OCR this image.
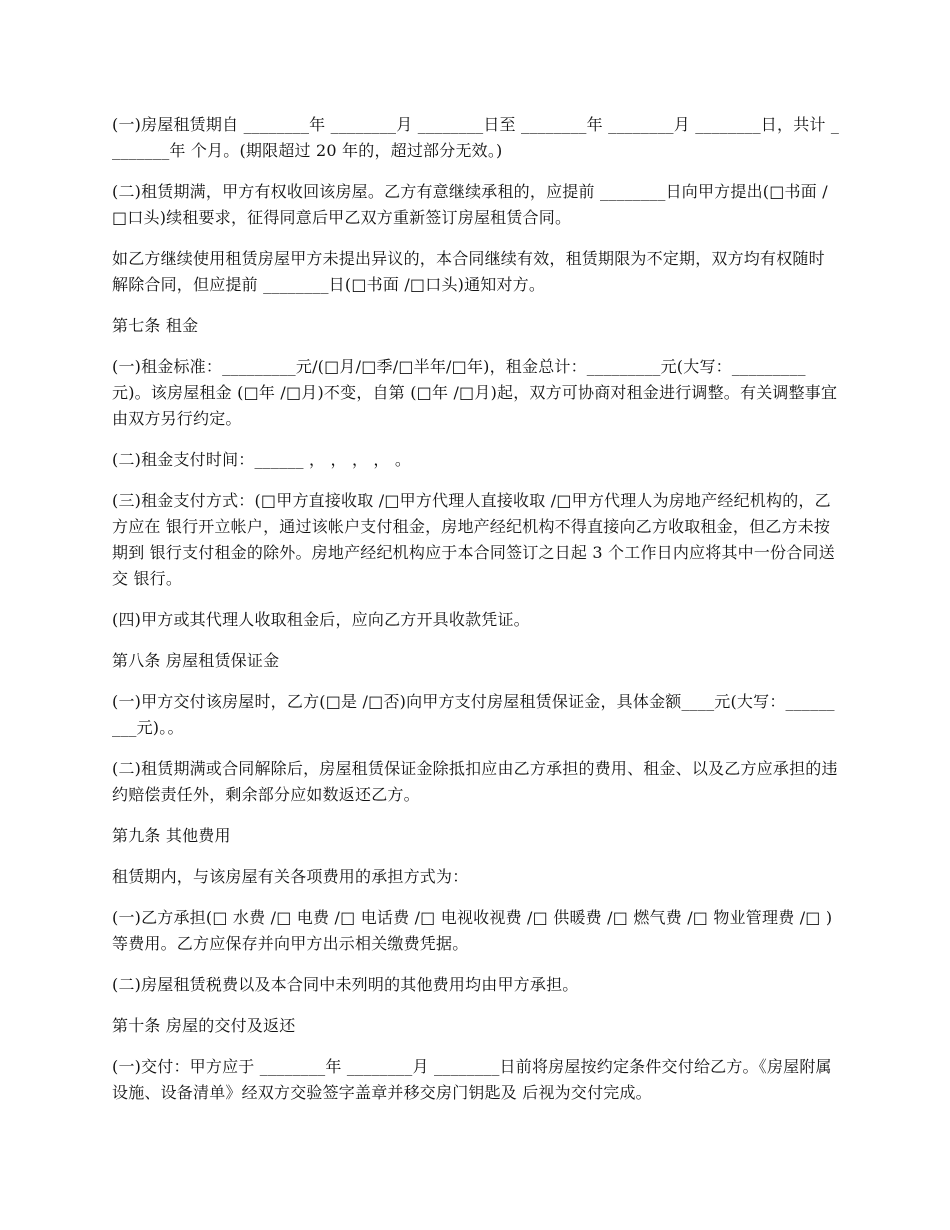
(一)房屋租赁期自 ________年 ________月 ________日至 ________年 ________月 ________日，共计 ________年 个月。(期限超过 20 年的，超过部分无效。)

(二)租赁期满，甲方有权收回该房屋。乙方有意继续承租的，应提前 ________日向甲方提出(□书面 /□口头)续租要求，征得同意后甲乙双方重新签订房屋租赁合同。

如乙方继续使用租赁房屋甲方未提出异议的，本合同继续有效，租赁期限为不定期，双方均有权随时解除合同，但应提前 ________日(□书面 /□口头)通知对方。

第七条 租金

(一)租金标准：_________元/(□月/□季/□半年/□年)，租金总计：_________元(大写：_________元)。该房屋租金 (□年 /□月)不变，自第 (□年 /□月)起，双方可协商对租金进行调整。有关调整事宜由双方另行约定。

(二)租金支付时间：______ ， ， ， ， 。

(三)租金支付方式：(□甲方直接收取 /□甲方代理人直接收取 /□甲方代理人为房地产经纪机构的，乙方应在 银行开立帐户，通过该帐户支付租金，房地产经纪机构不得直接向乙方收取租金，但乙方未按期到 银行支付租金的除外。房地产经纪机构应于本合同签订之日起 3 个工作日内应将其中一份合同送交 银行。

(四)甲方或其代理人收取租金后，应向乙方开具收款凭证。

第八条 房屋租赁保证金

(一)甲方交付该房屋时，乙方(□是 /□否)向甲方支付房屋租赁保证金，具体金额____元(大写：_________元)。。

(二)租赁期满或合同解除后，房屋租赁保证金除抵扣应由乙方承担的费用、租金、以及乙方应承担的违约赔偿责任外，剩余部分应如数返还乙方。

第九条 其他费用

租赁期内，与该房屋有关各项费用的承担方式为：

(一)乙方承担(□ 水费 /□ 电费 /□ 电话费 /□ 电视收视费 /□ 供暖费 /□ 燃气费 /□ 物业管理费 /□ )等费用。乙方应保存并向甲方出示相关缴费凭据。

(二)房屋租赁税费以及本合同中未列明的其他费用均由甲方承担。

第十条 房屋的交付及返还

(一)交付：甲方应于 ________年 ________月 ________日前将房屋按约定条件交付给乙方。《房屋附属设施、设备清单》经双方交验签字盖章并移交房门钥匙及 后视为交付完成。
